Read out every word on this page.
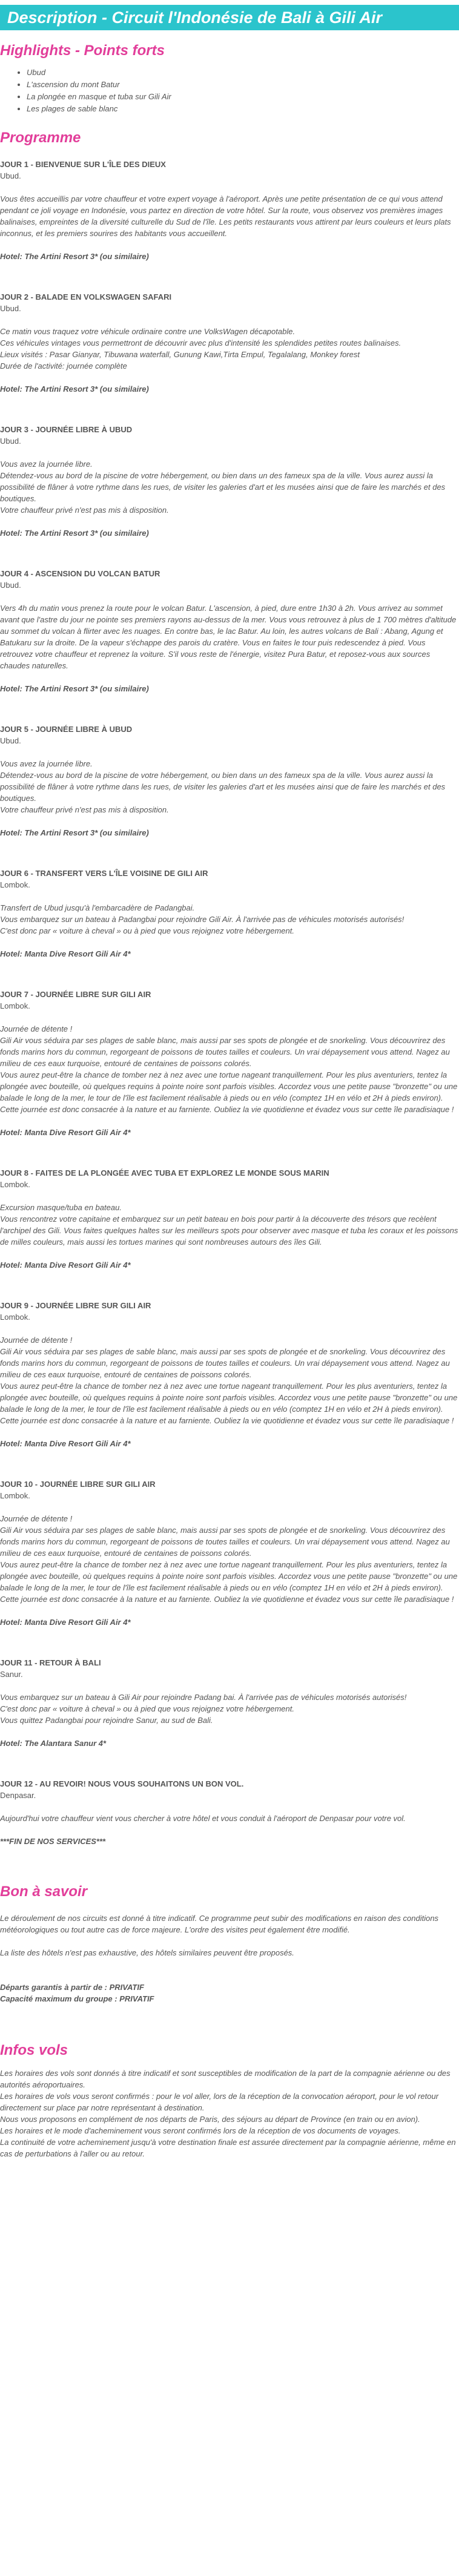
Description - Circuit l'Indonésie de Bali à Gili Air
Highlights - Points forts
• Ubud
• L'ascension du mont Batur
• La plongée en masque et tuba sur Gili Air
• Les plages de sable blanc
Programme
JOUR 1 - BIENVENUE SUR L'ÎLE DES DIEUX
Ubud.

Vous êtes accueillis par votre chauffeur et votre expert voyage à l'aéroport. Après une petite présentation de ce qui vous attend pendant ce joli voyage en Indonésie, vous partez en direction de votre hôtel. Sur la route, vous observez vos premières images balinaises, empreintes de la diversité culturelle du Sud de l'île. Les petits restaurants vous attirent par leurs couleurs et leurs plats inconnus, et les premiers sourires des habitants vous accueillent.

Hotel: The Artini Resort 3* (ou similaire)
JOUR 2 - BALADE EN VOLKSWAGEN SAFARI
Ubud.

Ce matin vous traquez votre véhicule ordinaire contre une VolksWagen décapotable.

Ces véhicules vintages vous permettront de découvrir avec plus d'intensité les splendides petites routes balinaises.

Lieux visités : Pasar Gianyar, Tibuwana waterfall, Gunung Kawi,Tirta Empul, Tegalalang, Monkey forest

Durée de l'activité: journée complète

Hotel: The Artini Resort 3* (ou similaire)
JOUR 3 - JOURNÉE LIBRE À UBUD
Ubud.

Vous avez la journée libre.

Détendez-vous au bord de la piscine de votre hébergement, ou bien dans un des fameux spa de la ville. Vous aurez aussi la possibilité de flâner à votre rythme dans les rues, de visiter les galeries d'art et les musées ainsi que de faire les marchés et des boutiques.

Votre chauffeur privé n'est pas mis à disposition.

Hotel: The Artini Resort 3* (ou similaire)
JOUR 4 - ASCENSION DU VOLCAN BATUR
Ubud.

Vers 4h du matin vous prenez la route pour le volcan Batur. L'ascension, à pied, dure entre 1h30 à 2h. Vous arrivez au sommet avant que l'astre du jour ne pointe ses premiers rayons au-dessus de la mer. Vous vous retrouvez à plus de 1 700 mètres d'altitude au sommet du volcan à flirter avec les nuages. En contre bas, le lac Batur. Au loin, les autres volcans de Bali : Abang, Agung et Batukaru sur la droite. De la vapeur s'échappe des parois du cratère. Vous en faites le tour puis redescendez à pied. Vous retrouvez votre chauffeur et reprenez la voiture. S'il vous reste de l'énergie, visitez Pura Batur, et reposez-vous aux sources chaudes naturelles.

Hotel: The Artini Resort 3* (ou similaire)
JOUR 5 - JOURNÉE LIBRE À UBUD
Ubud.

Vous avez la journée libre.

Détendez-vous au bord de la piscine de votre hébergement, ou bien dans un des fameux spa de la ville. Vous aurez aussi la possibilité de flâner à votre rythme dans les rues, de visiter les galeries d'art et les musées ainsi que de faire les marchés et des boutiques.

Votre chauffeur privé n'est pas mis à disposition.

Hotel: The Artini Resort 3* (ou similaire)
JOUR 6 - TRANSFERT VERS L'ÎLE VOISINE DE GILI AIR
Lombok.

Transfert de Ubud jusqu'à l'embarcadère de Padangbai.

Vous embarquez sur un bateau à Padangbai pour rejoindre Gili Air. À l'arrivée pas de véhicules motorisés autorisés!

C'est donc par « voiture à cheval » ou à pied que vous rejoignez votre hébergement.

Hotel: Manta Dive Resort Gili Air 4*
JOUR 7 - JOURNÉE LIBRE SUR GILI AIR
Lombok.

Journée de détente !

Gili Air vous séduira par ses plages de sable blanc, mais aussi par ses spots de plongée et de snorkeling. Vous découvrirez des fonds marins hors du commun, regorgeant de poissons de toutes tailles et couleurs. Un vrai dépaysement vous attend. Nagez au milieu de ces eaux turquoise, entouré de centaines de poissons colorés.

Vous aurez peut-être la chance de tomber nez à nez avec une tortue nageant tranquillement. Pour les plus aventuriers, tentez la plongée avec bouteille, où quelques requins à pointe noire sont parfois visibles. Accordez vous une petite pause "bronzette" ou une balade le long de la mer, le tour de l'île est facilement réalisable à pieds ou en vélo (comptez 1H en vélo et 2H à pieds environ).

Cette journée est donc consacrée à la nature et au farniente. Oubliez la vie quotidienne et évadez vous sur cette île paradisiaque !

Hotel: Manta Dive Resort Gili Air 4*
JOUR 8 - FAITES DE LA PLONGÉE AVEC TUBA ET EXPLOREZ LE MONDE SOUS MARIN
Lombok.

Excursion masque/tuba en bateau.

Vous rencontrez votre capitaine et embarquez sur un petit bateau en bois pour partir à la découverte des trésors que recèlent l'archipel des Gili. Vous faites quelques haltes sur les meilleurs spots pour observer avec masque et tuba les coraux et les poissons de milles couleurs, mais aussi les tortues marines qui sont nombreuses autours des îles Gili.

Hotel: Manta Dive Resort Gili Air 4*
JOUR 9 - JOURNÉE LIBRE SUR GILI AIR
Lombok.

Journée de détente !

Gili Air vous séduira par ses plages de sable blanc, mais aussi par ses spots de plongée et de snorkeling. Vous découvrirez des fonds marins hors du commun, regorgeant de poissons de toutes tailles et couleurs. Un vrai dépaysement vous attend. Nagez au milieu de ces eaux turquoise, entouré de centaines de poissons colorés.

Vous aurez peut-être la chance de tomber nez à nez avec une tortue nageant tranquillement. Pour les plus aventuriers, tentez la plongée avec bouteille, où quelques requins à pointe noire sont parfois visibles. Accordez vous une petite pause "bronzette" ou une balade le long de la mer, le tour de l'île est facilement réalisable à pieds ou en vélo (comptez 1H en vélo et 2H à pieds environ).

Cette journée est donc consacrée à la nature et au farniente. Oubliez la vie quotidienne et évadez vous sur cette île paradisiaque !

Hotel: Manta Dive Resort Gili Air 4*
JOUR 10 - JOURNÉE LIBRE SUR GILI AIR
Lombok.

Journée de détente !

Gili Air vous séduira par ses plages de sable blanc, mais aussi par ses spots de plongée et de snorkeling. Vous découvrirez des fonds marins hors du commun, regorgeant de poissons de toutes tailles et couleurs. Un vrai dépaysement vous attend. Nagez au milieu de ces eaux turquoise, entouré de centaines de poissons colorés.

Vous aurez peut-être la chance de tomber nez à nez avec une tortue nageant tranquillement. Pour les plus aventuriers, tentez la plongée avec bouteille, où quelques requins à pointe noire sont parfois visibles. Accordez vous une petite pause "bronzette" ou une balade le long de la mer, le tour de l'île est facilement réalisable à pieds ou en vélo (comptez 1H en vélo et 2H à pieds environ).

Cette journée est donc consacrée à la nature et au farniente. Oubliez la vie quotidienne et évadez vous sur cette île paradisiaque !

Hotel: Manta Dive Resort Gili Air 4*
JOUR 11 - RETOUR À BALI
Sanur.

Vous embarquez sur un bateau à Gili Air pour rejoindre Padang bai. À l'arrivée pas de véhicules motorisés autorisés!

C'est donc par « voiture à cheval » ou à pied que vous rejoignez votre hébergement.

Vous quittez Padangbai pour rejoindre Sanur, au sud de Bali.

Hotel: The Alantara Sanur 4*
JOUR 12 - AU REVOIR! NOUS VOUS SOUHAITONS UN BON VOL.
Denpasar.

Aujourd'hui votre chauffeur vient vous chercher à votre hôtel et vous conduit à l'aéroport de Denpasar pour votre vol.

***FIN DE NOS SERVICES***
Bon à savoir

Le déroulement de nos circuits est donné à titre indicatif. Ce programme peut subir des modifications en raison des conditions météorologiques ou tout autre cas de force majeure. L'ordre des visites peut également être modifié.

La liste des hôtels n'est pas exhaustive, des hôtels similaires peuvent être proposés.

Départs garantis à partir de : PRIVATIF
Capacité maximum du groupe : PRIVATIF
Infos vols

Les horaires des vols sont donnés à titre indicatif et sont susceptibles de modification de la part de la compagnie aérienne ou des autorités aéroportuaires.

Les horaires de vols vous seront confirmés : pour le vol aller, lors de la réception de la convocation aéroport, pour le vol retour directement sur place par notre représentant à destination.

Nous vous proposons en complément de nos départs de Paris, des séjours au départ de Province (en train ou en avion).

Les horaires et le mode d'acheminement vous seront confirmés lors de la réception de vos documents de voyages.

La continuité de votre acheminement jusqu'à votre destination finale est assurée directement par la compagnie aérienne, même en cas de perturbations à l'aller ou au retour.
